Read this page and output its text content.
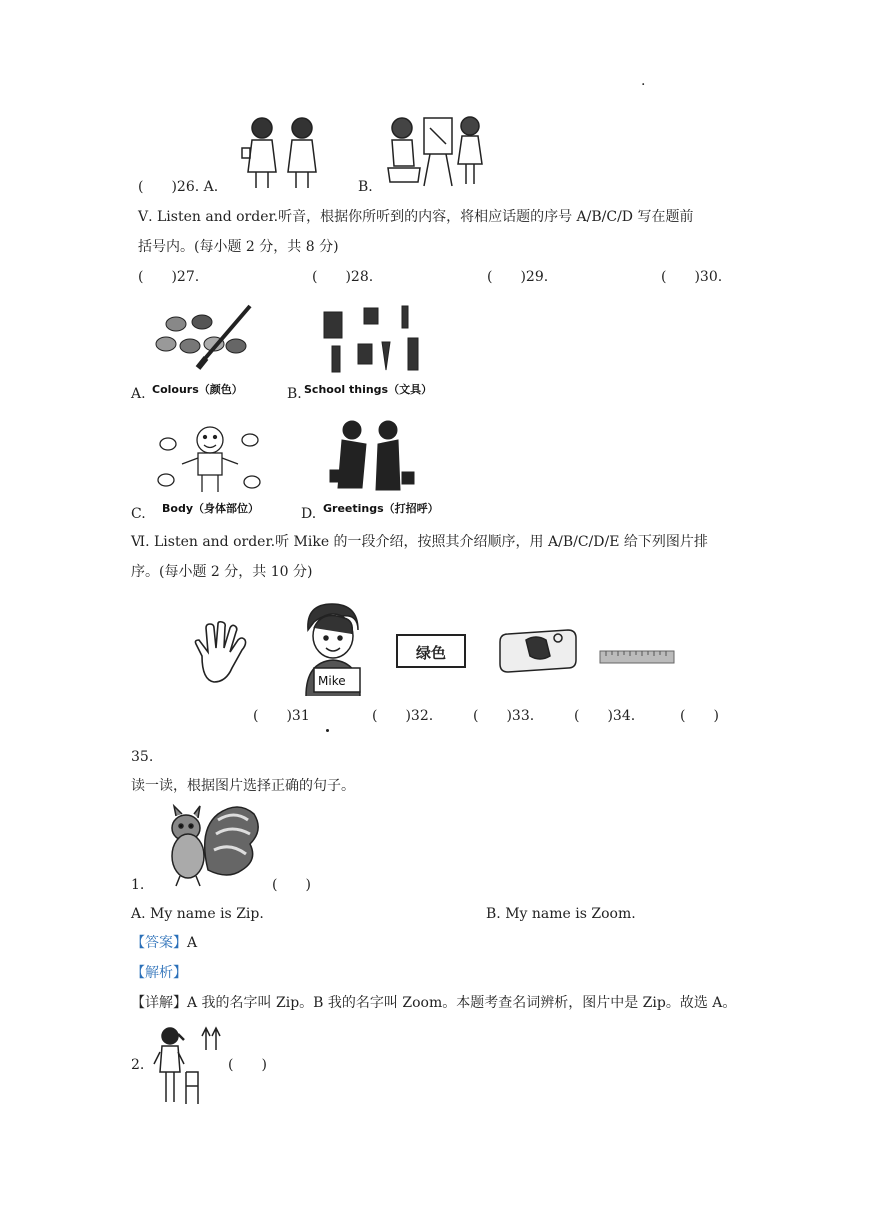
.
(　　)26. A.	B.
Ⅴ. Listen and order.听音，根据你所听到的内容，将相应话题的序号 A/B/C/D 写在题前
括号内。(每小题 2 分，共 8 分)
(　　)27.	(　　)28.	(　　)29.	(　　)30.
A. Colours（颜色）	B. School things（文具）
C. Body（身体部位）	D. Greetings（打招呼）
Ⅵ. Listen and order.听 Mike 的一段介绍，按照其介绍顺序，用 A/B/C/D/E 给下列图片排
序。(每小题 2 分，共 10 分)
Mike
绿色
(　　)31	(　　)32.	(　　)33.	(　　)34.	(　　)
35.
读一读，根据图片选择正确的句子。
1.	(　　)
A. My name is Zip.	B. My name is Zoom.
【答案】A
【解析】
【详解】A 我的名字叫 Zip。B 我的名字叫 Zoom。本题考查名词辨析，图片中是 Zip。故选 A。
2.	(　　)
